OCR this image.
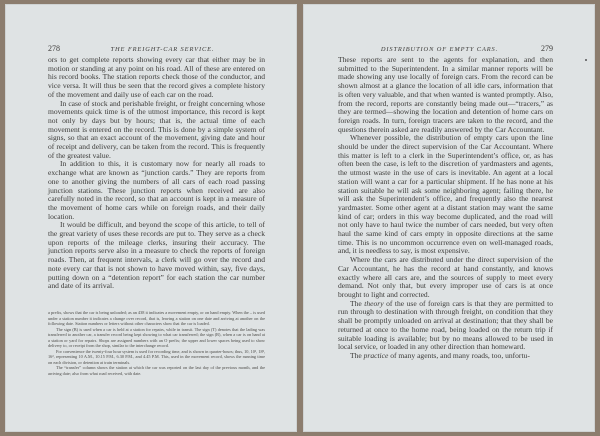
278	THE FREIGHT-CAR SERVICE.

ors to get complete reports showing every car that either may be in motion or standing at any point on his road. All of these are entered on his record books. The station reports check those of the conductor, and vice versa. It will thus be seen that the record gives a complete history of the movement and daily use of each car on the road.

In case of stock and perishable freight, or freight concerning whose movements quick time is of the utmost importance, this record is kept not only by days but by hours; that is, the actual time of each movement is entered on the record. This is done by a simple system of signs, so that an exact account of the movement, giving date and hour of receipt and delivery, can be taken from the record. This is frequently of the greatest value.

In addition to this, it is customary now for nearly all roads to exchange what are known as “junction cards.” They are reports from one to another giving the numbers of all cars of each road passing junction stations. These junction reports when received are also carefully noted in the record, so that an account is kept in a measure of the movement of home cars while on foreign roads, and their daily location.

It would be difficult, and beyond the scope of this article, to tell of the great variety of uses these records are put to. They serve as a check upon reports of the mileage clerks, insuring their accuracy. The junction reports serve also in a measure to check the reports of foreign roads. Then, at frequent intervals, a clerk will go over the record and note every car that is not shown to have moved within, say, five days, putting down on a “detention report” for each station the car number and date of its arrival.

a prefix, shows that the car is being unloaded; as an 438 it indicates a movement empty, or on hand empty. When the – is used under a station number it indicates a change over record, that is, leaving a station on one date and arriving at another on the following date. Station numbers or letters without other characters show that the car is loaded.

The sign (B) is used when a car is held at a station for repairs, while in transit. The sign (T) denotes that the lading was transferred to another car, a transfer record being kept showing to what car transferred; the sign (R), when a car is on hand at a station or yard for repairs. Shops are assigned numbers with an O prefix; the upper and lower spaces being used to show delivery to, or receipt from the shop, similar to the interchange record.

For convenience the twenty-four hour system is used for recording time, and is shown in quarter-hours; thus, 10, 10¹, 18², 16³, representing 10 A.M., 10.15 P.M., 6.30 P.M., and 4.45 P.M. This, used in the movement record, shows the running time on each division, or detention at train terminals.

The “transfer” column shows the station at which the car was reported on the last day of the previous month, and the arriving date; also from what road received, with date.

DISTRIBUTION OF EMPTY CARS.	279

These reports are sent to the agents for explanation, and then submitted to the Superintendent. In a similar manner reports will be made showing any use locally of foreign cars. From the record can be shown almost at a glance the location of all idle cars, information that is often very valuable, and that when wanted is wanted promptly. Also, from the record, reports are constantly being made out—“tracers,” as they are termed—showing the location and detention of home cars on foreign roads. In turn, foreign tracers are taken to the record, and the questions therein asked are readily answered by the Car Accountant.

Whenever possible, the distribution of empty cars upon the line should be under the direct supervision of the Car Accountant. Where this matter is left to a clerk in the Superintendent’s office, or, as has often been the case, is left to the discretion of yardmasters and agents, the utmost waste in the use of cars is inevitable. An agent at a local station will want a car for a particular shipment. If he has none at his station suitable he will ask some neighboring agent; failing there, he will ask the Superintendent’s office, and frequently also the nearest yardmaster. Some other agent at a distant station may want the same kind of car; orders in this way become duplicated, and the road will not only have to haul twice the number of cars needed, but very often haul the same kind of cars empty in opposite directions at the same time. This is no uncommon occurrence even on well-managed roads, and, it is needless to say, is most expensive.

Where the cars are distributed under the direct supervision of the Car Accountant, he has the record at hand constantly, and knows exactly where all cars are, and the sources of supply to meet every demand. Not only that, but every improper use of cars is at once brought to light and corrected.

The theory of the use of foreign cars is that they are permitted to run through to destination with through freight, on condition that they shall be promptly unloaded on arrival at destination; that they shall be returned at once to the home road, being loaded on the return trip if suitable loading is available; but by no means allowed to be used in local service, or loaded in any other direction than homeward.

The practice of many agents, and many roads, too, unfortu-
